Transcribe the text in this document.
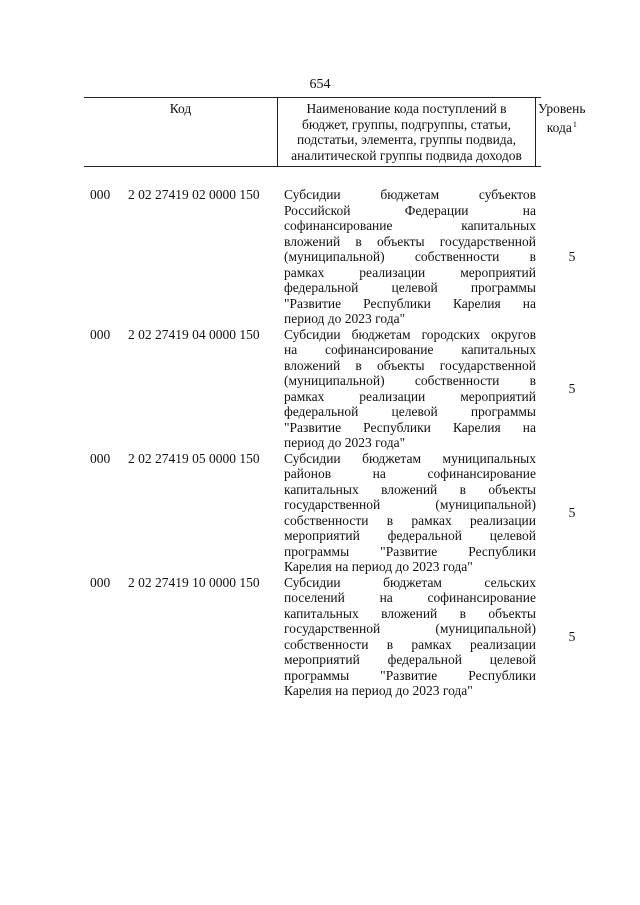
654
Код	Наименование кода поступлений в
бюджет, группы, подгруппы, статьи,
подстатьи, элемента, группы подвида,
аналитической группы подвида доходов
Уровень
кода$^1$
000 2 02 27419 02 0000 150 Субсидии бюджетам субъектов
Российской Федерации на
софинансирование капитальных
вложений в объекты государственной
(муниципальной) собственности в
рамках реализации мероприятий
федеральной целевой программы
"Развитие Республики Карелия на
период до 2023 года"
5
000 2 02 27419 04 0000 150 Субсидии бюджетам городских округов
на софинансирование капитальных
вложений в объекты государственной
(муниципальной) собственности в
рамках реализации мероприятий
федеральной целевой программы
"Развитие Республики Карелия на
период до 2023 года"
5
000 2 02 27419 05 0000 150 Субсидии бюджетам муниципальных
районов на софинансирование
капитальных вложений в объекты
государственной (муниципальной)
собственности в рамках реализации
мероприятий федеральной целевой
программы "Развитие Республики
Карелия на период до 2023 года"
5
000 2 02 27419 10 0000 150 Субсидии бюджетам сельских
поселений на софинансирование
капитальных вложений в объекты
государственной (муниципальной)
собственности в рамках реализации
мероприятий федеральной целевой
программы "Развитие Республики
Карелия на период до 2023 года"
5
